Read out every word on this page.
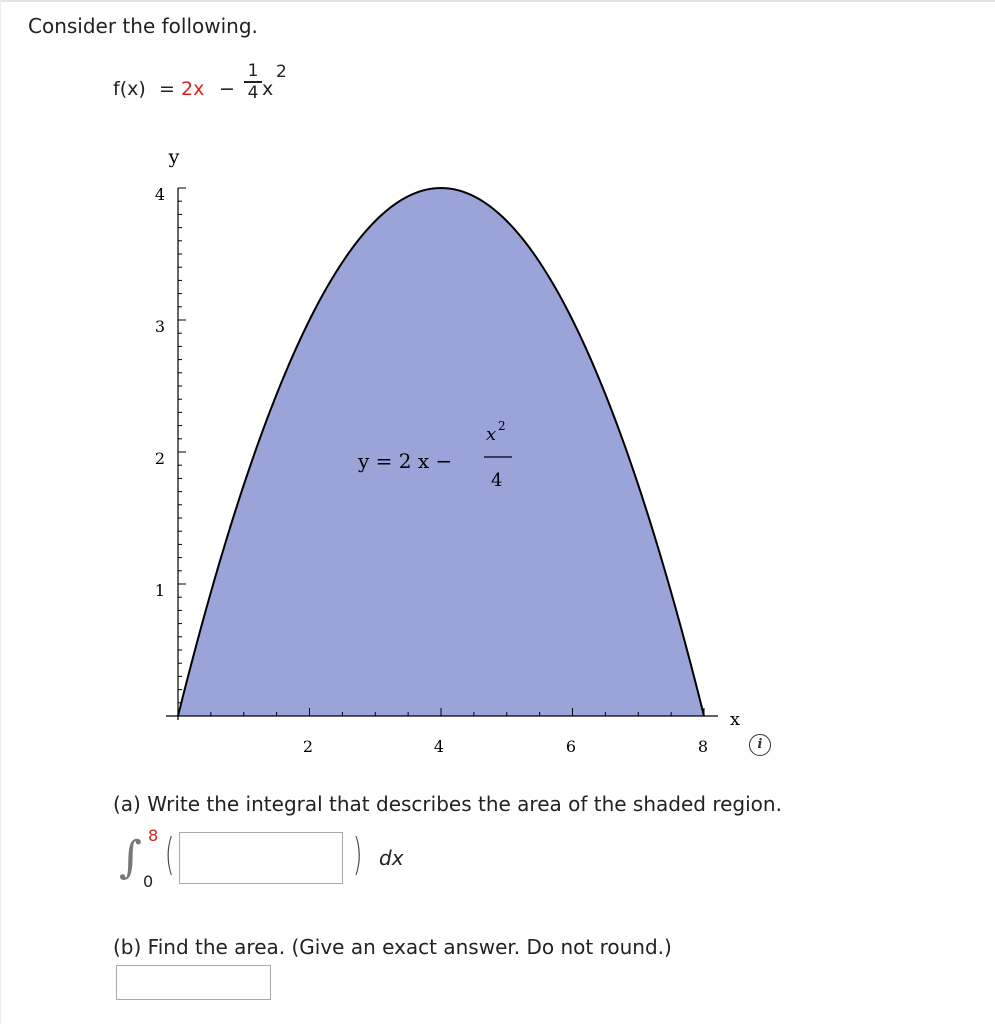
Consider the following.
f(x) = 2x −
1
4 x
2
y
x
4
3
2
1
2	4	6	8
y = 2 x −
x 2
4
i
(a) Write the integral that describes the area of the shaded region.
∫ 8
0
(	) dx
(b) Find the area. (Give an exact answer. Do not round.)
